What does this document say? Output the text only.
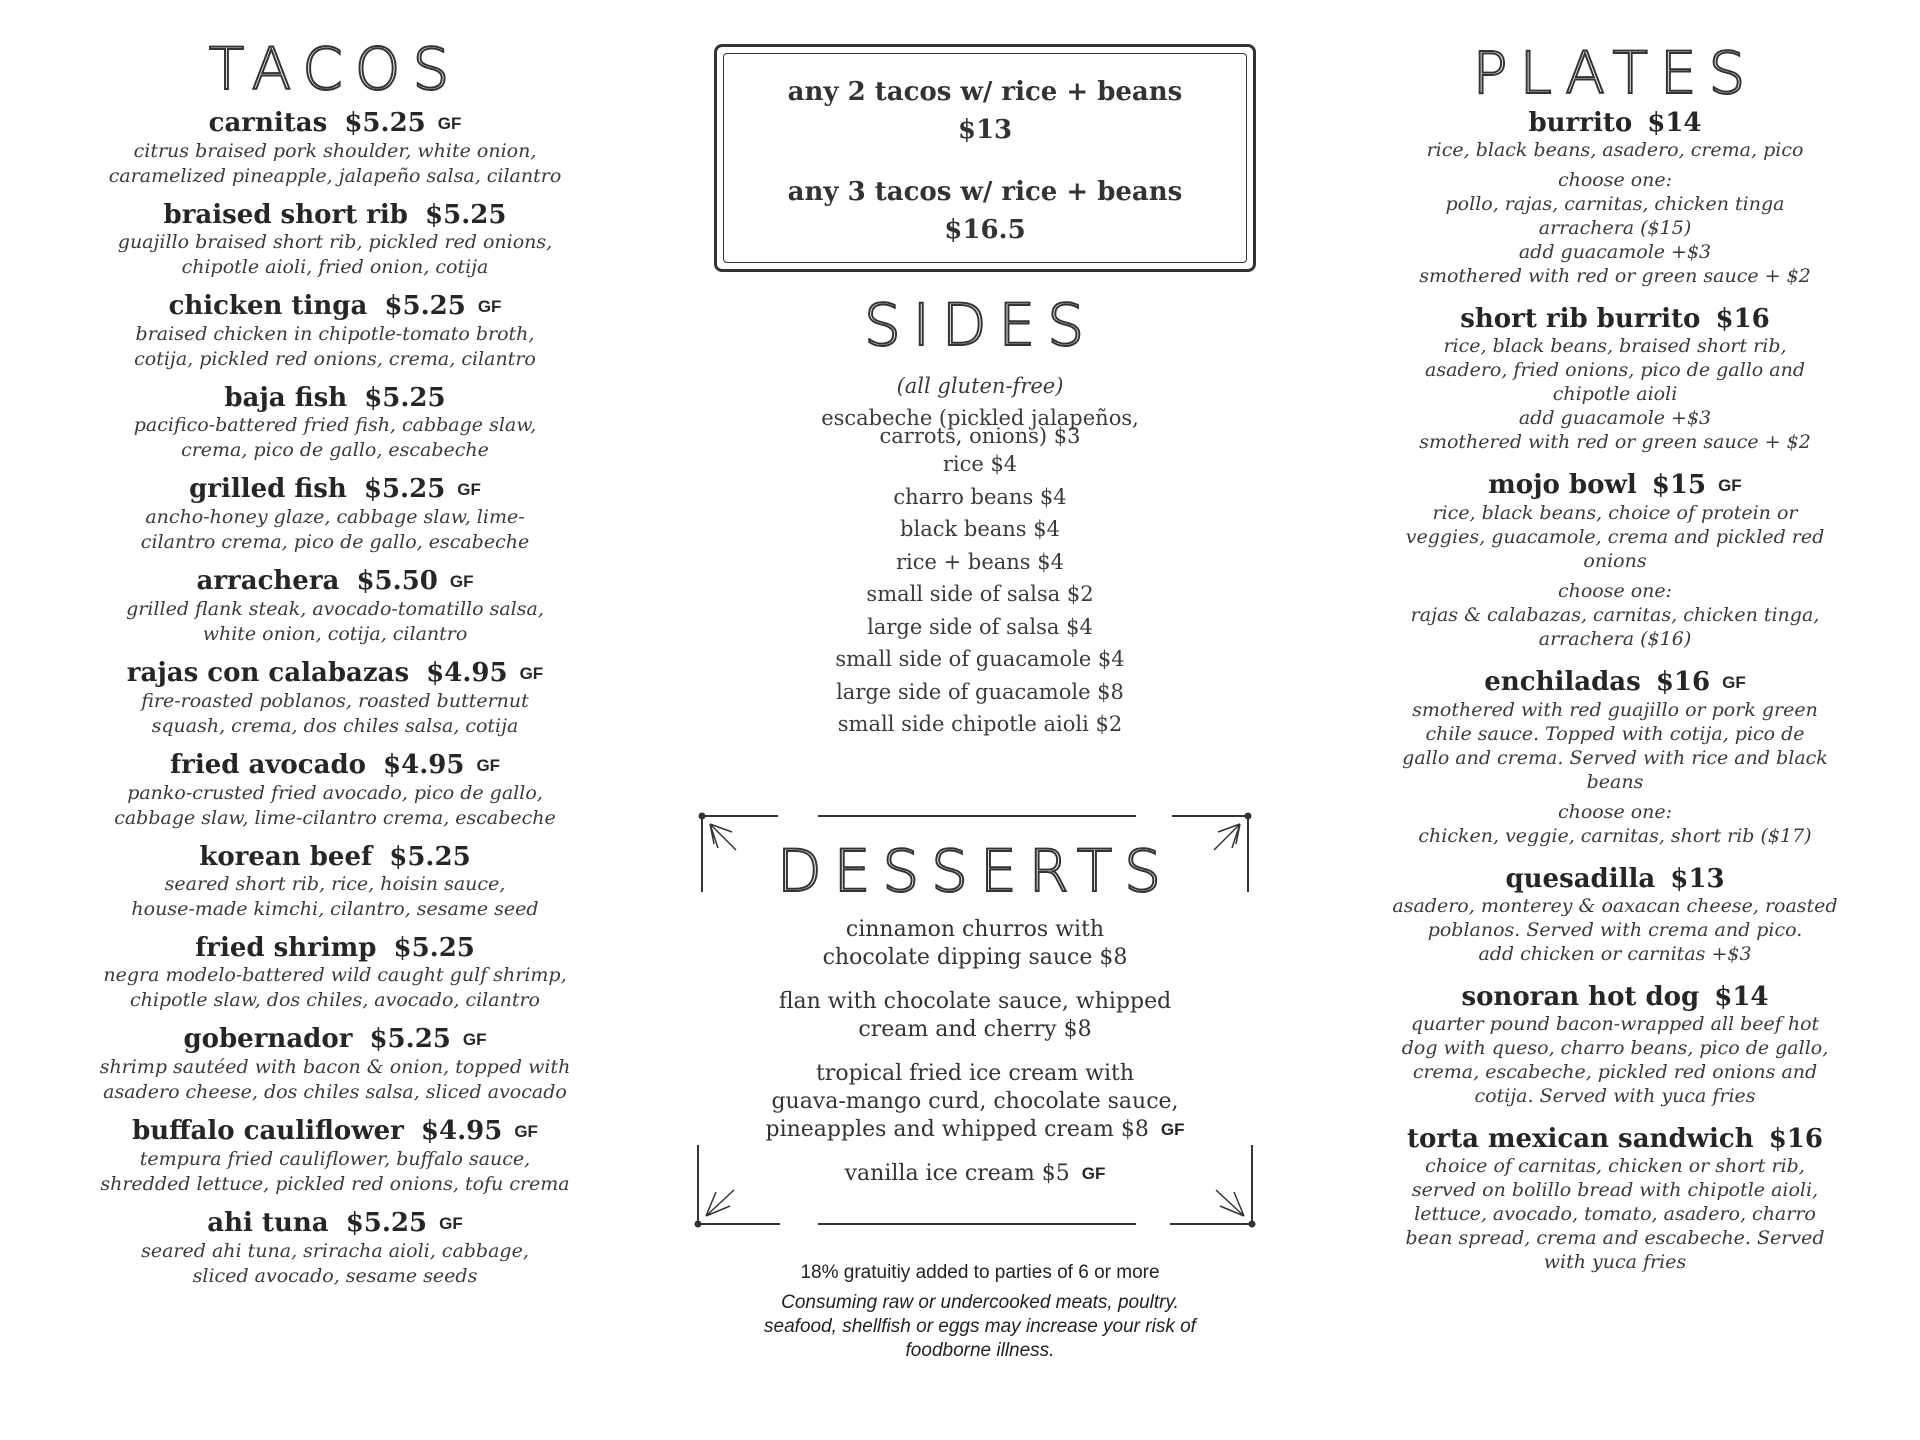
TACOS
carnitas $5.25 GF
citrus braised pork shoulder, white onion,
caramelized pineapple, jalapeño salsa, cilantro
braised short rib $5.25
guajillo braised short rib, pickled red onions,
chipotle aioli, fried onion, cotija
chicken tinga $5.25 GF
braised chicken in chipotle-tomato broth,
cotija, pickled red onions, crema, cilantro
baja fish $5.25
pacifico-battered fried fish, cabbage slaw,
crema, pico de gallo, escabeche
grilled fish $5.25 GF
ancho-honey glaze, cabbage slaw, lime-
cilantro crema, pico de gallo, escabeche
arrachera $5.50 GF
grilled flank steak, avocado-tomatillo salsa,
white onion, cotija, cilantro
rajas con calabazas $4.95 GF
fire-roasted poblanos, roasted butternut
squash, crema, dos chiles salsa, cotija
fried avocado $4.95 GF
panko-crusted fried avocado, pico de gallo,
cabbage slaw, lime-cilantro crema, escabeche
korean beef $5.25
seared short rib, rice, hoisin sauce,
house-made kimchi, cilantro, sesame seed
fried shrimp $5.25
negra modelo-battered wild caught gulf shrimp,
chipotle slaw, dos chiles, avocado, cilantro
gobernador $5.25 GF
shrimp sautéed with bacon & onion, topped with
asadero cheese, dos chiles salsa, sliced avocado
buffalo cauliflower $4.95 GF
tempura fried cauliflower, buffalo sauce,
shredded lettuce, pickled red onions, tofu crema
ahi tuna $5.25 GF
seared ahi tuna, sriracha aioli, cabbage,
sliced avocado, sesame seeds
any 2 tacos w/ rice + beans
$13
any 3 tacos w/ rice + beans
$16.5
SIDES
(all gluten-free)
escabeche (pickled jalapeños,
carrots, onions) $3
rice $4
charro beans $4
black beans $4
rice + beans $4
small side of salsa $2
large side of salsa $4
small side of guacamole $4
large side of guacamole $8
small side chipotle aioli $2
DESSERTS
cinnamon churros with
chocolate dipping sauce $8
flan with chocolate sauce, whipped
cream and cherry $8
tropical fried ice cream with
guava-mango curd, chocolate sauce,
pineapples and whipped cream $8 GF
vanilla ice cream $5 GF
18% gratuitiy added to parties of 6 or more
Consuming raw or undercooked meats, poultry.
seafood, shellfish or eggs may increase your risk of
foodborne illness.
PLATES
burrito $14
rice, black beans, asadero, crema, pico
choose one:
pollo, rajas, carnitas, chicken tinga
arrachera ($15)
add guacamole +$3
smothered with red or green sauce + $2
short rib burrito $16
rice, black beans, braised short rib,
asadero, fried onions, pico de gallo and
chipotle aioli
add guacamole +$3
smothered with red or green sauce + $2
mojo bowl $15 GF
rice, black beans, choice of protein or
veggies, guacamole, crema and pickled red
onions
choose one:
rajas & calabazas, carnitas, chicken tinga,
arrachera ($16)
enchiladas $16 GF
smothered with red guajillo or pork green
chile sauce. Topped with cotija, pico de
gallo and crema. Served with rice and black
beans
choose one:
chicken, veggie, carnitas, short rib ($17)
quesadilla $13
asadero, monterey & oaxacan cheese, roasted
poblanos. Served with crema and pico.
add chicken or carnitas +$3
sonoran hot dog $14
quarter pound bacon-wrapped all beef hot
dog with queso, charro beans, pico de gallo,
crema, escabeche, pickled red onions and
cotija. Served with yuca fries
torta mexican sandwich $16
choice of carnitas, chicken or short rib,
served on bolillo bread with chipotle aioli,
lettuce, avocado, tomato, asadero, charro
bean spread, crema and escabeche. Served
with yuca fries
